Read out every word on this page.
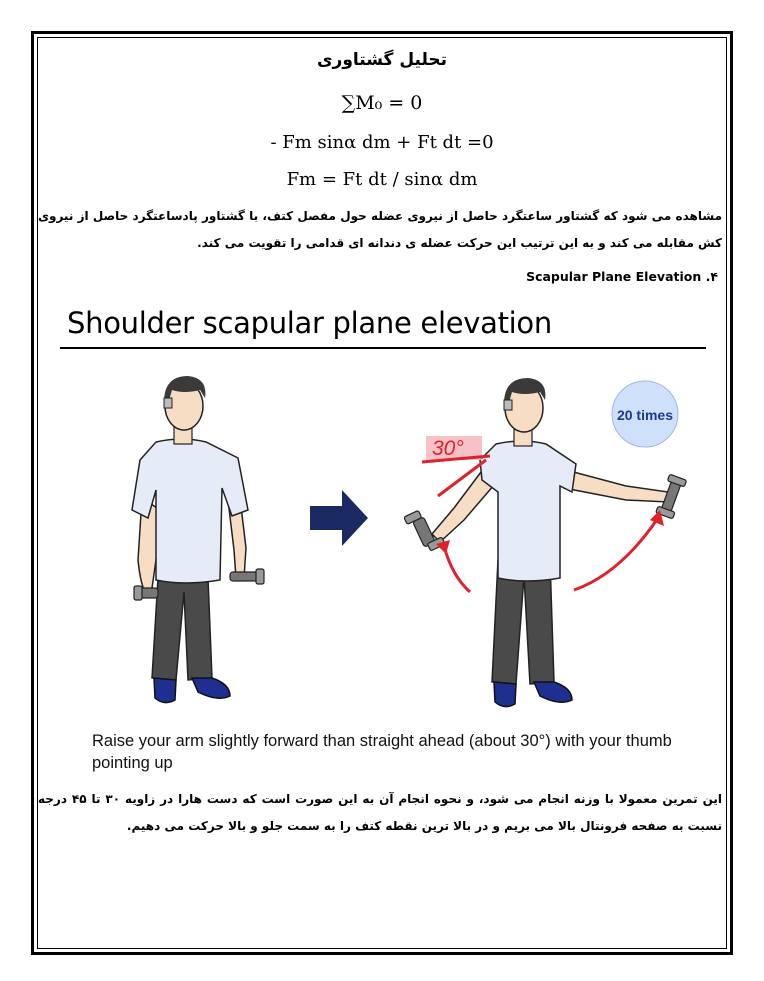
تحلیل گشتاوری
∑M₀ = 0
- Fm sinα dm + Ft dt =0
Fm = Ft dt / sinα dm
مشاهده می شود که گشتاور ساعتگرد حاصل از نیروی عضله حول مفصل کتف، با گشتاور پادساعتگرد حاصل از نیروی کش مقابله می کند و به این ترتیب این حرکت عضله ی دندانه ای قدامی را تقویت می کند.
۴. Scapular Plane Elevation
Shoulder scapular plane elevation
30°
20 times
Raise your arm slightly forward than straight ahead (about 30°) with your thumb pointing up
این تمرین معمولا با وزنه انجام می شود، و نحوه انجام آن به این صورت است که دست هارا در زاویه ۳۰ تا ۴۵ درجه نسبت به صفحه فرونتال بالا می بریم و در بالا ترین نقطه کتف را به سمت جلو و بالا حرکت می دهیم.
